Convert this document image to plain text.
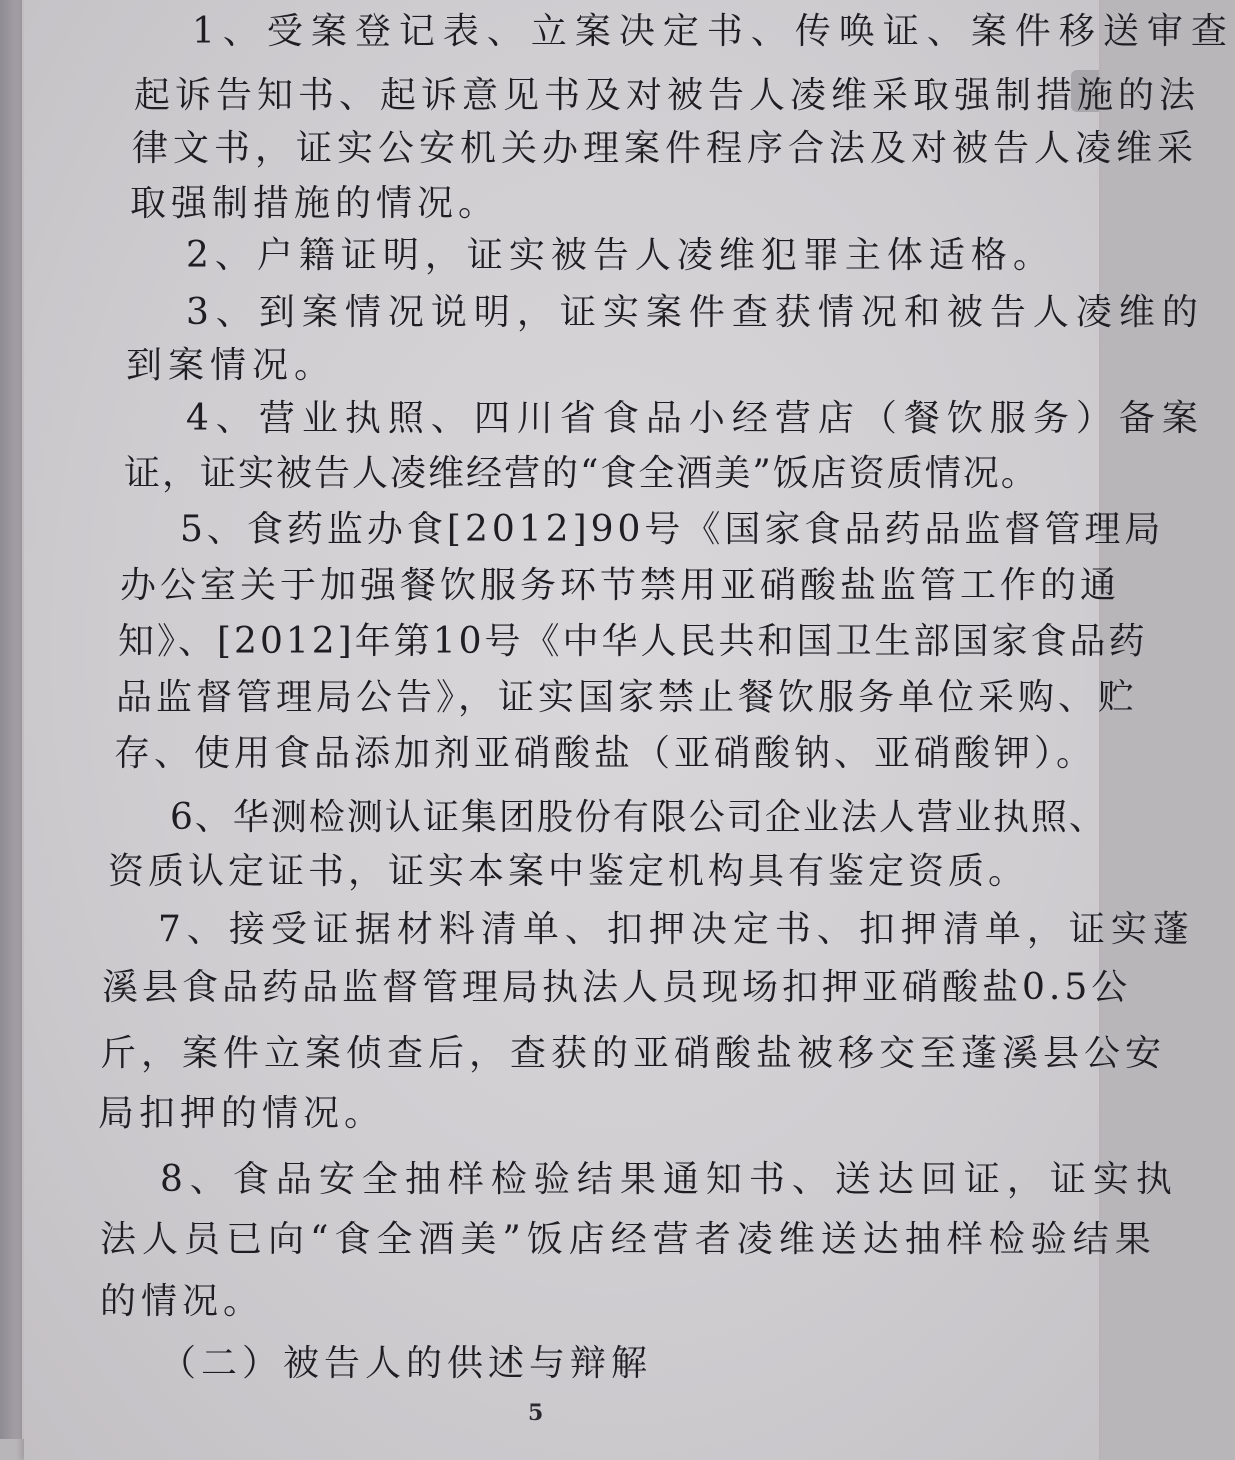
1、受案登记表、立案决定书、传唤证、案件移送审查
起诉告知书、起诉意见书及对被告人凌维采取强制措施的法
律文书，证实公安机关办理案件程序合法及对被告人凌维采
取强制措施的情况。
2、户籍证明，证实被告人凌维犯罪主体适格。
3、到案情况说明，证实案件查获情况和被告人凌维的
到案情况。
4、营业执照、四川省食品小经营店（餐饮服务）备案
证，证实被告人凌维经营的“食全酒美”饭店资质情况。
5、食药监办食[2012]90号《国家食品药品监督管理局
办公室关于加强餐饮服务环节禁用亚硝酸盐监管工作的通
知》、[2012]年第10号《中华人民共和国卫生部国家食品药
品监督管理局公告》，证实国家禁止餐饮服务单位采购、贮
存、使用食品添加剂亚硝酸盐（亚硝酸钠、亚硝酸钾）。
6、华测检测认证集团股份有限公司企业法人营业执照、
资质认定证书，证实本案中鉴定机构具有鉴定资质。
7、接受证据材料清单、扣押决定书、扣押清单，证实蓬
溪县食品药品监督管理局执法人员现场扣押亚硝酸盐0.5公
斤，案件立案侦查后，查获的亚硝酸盐被移交至蓬溪县公安
局扣押的情况。
8、食品安全抽样检验结果通知书、送达回证，证实执
法人员已向“食全酒美”饭店经营者凌维送达抽样检验结果
的情况。
（二）被告人的供述与辩解
5
